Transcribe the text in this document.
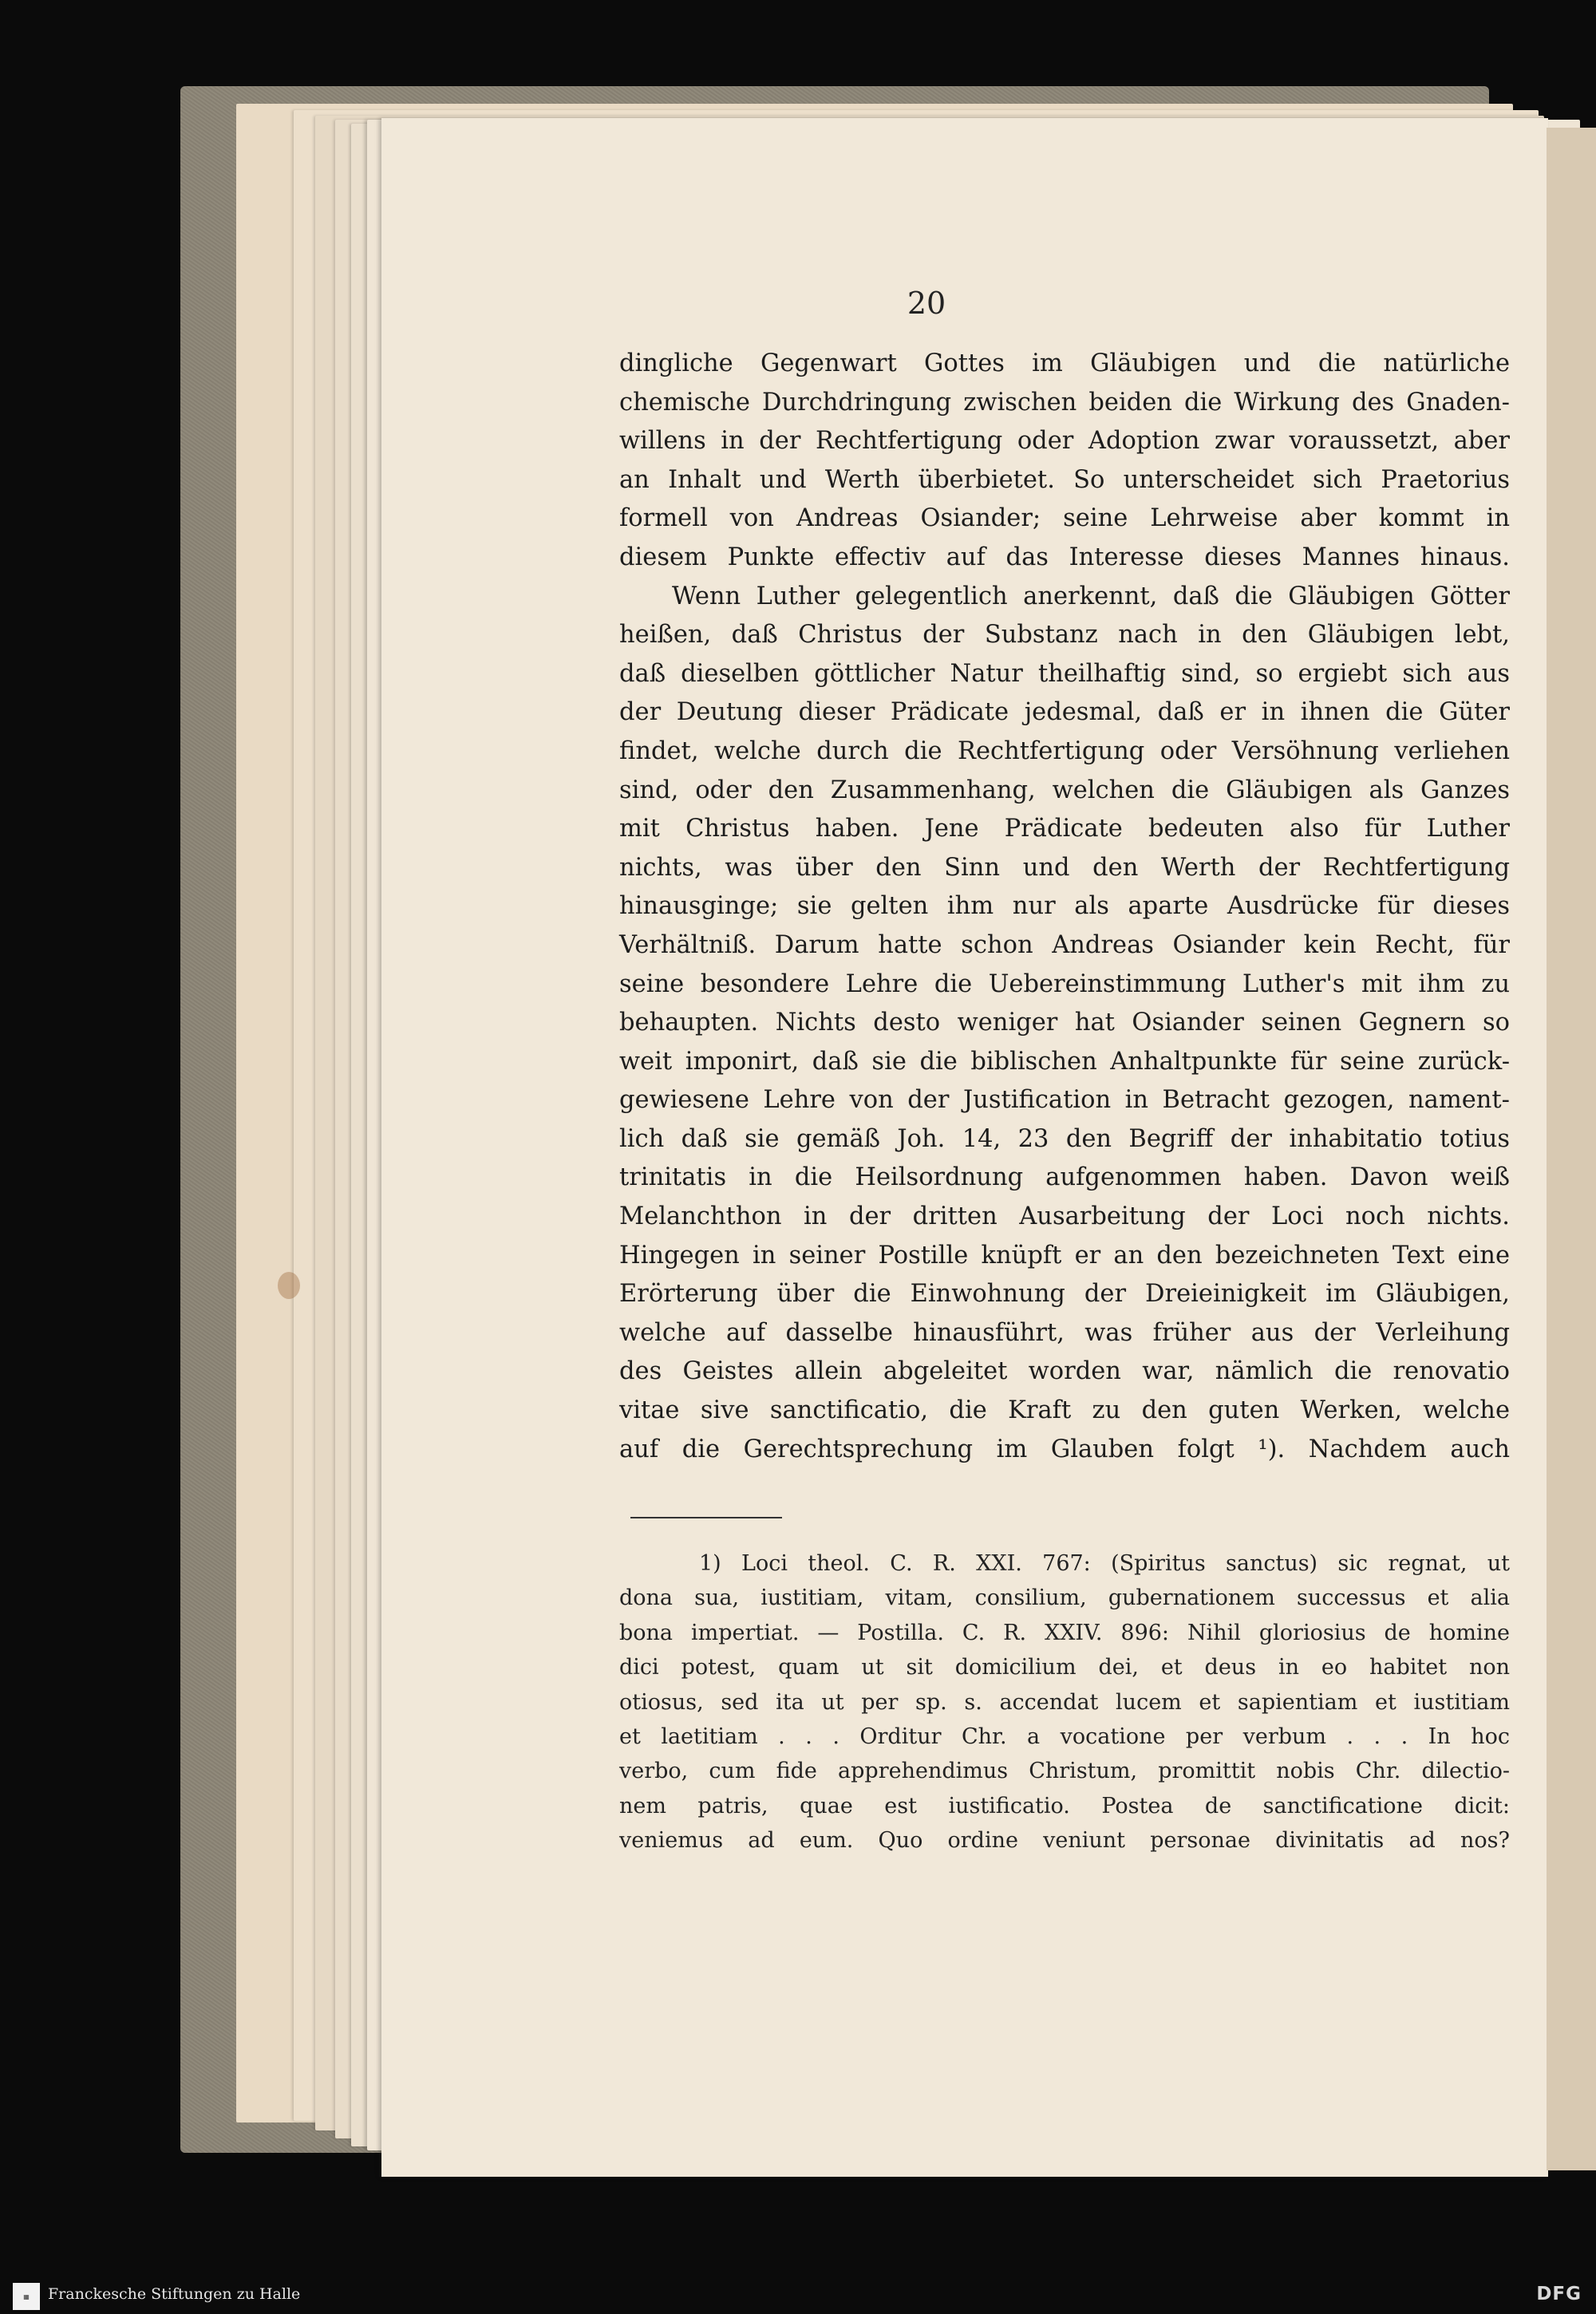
20
dingliche Gegenwart Gottes im Gläubigen und die natürliche
chemische Durchdringung zwischen beiden die Wirkung des Gnaden-
willens in der Rechtfertigung oder Adoption zwar voraussetzt, aber
an Inhalt und Werth überbietet. So unterscheidet sich Praetorius
formell von Andreas Osiander; seine Lehrweise aber kommt in
diesem Punkte effectiv auf das Interesse dieses Mannes hinaus.
Wenn Luther gelegentlich anerkennt, daß die Gläubigen Götter
heißen, daß Christus der Substanz nach in den Gläubigen lebt,
daß dieselben göttlicher Natur theilhaftig sind, so ergiebt sich aus
der Deutung dieser Prädicate jedesmal, daß er in ihnen die Güter
findet, welche durch die Rechtfertigung oder Versöhnung verliehen
sind, oder den Zusammenhang, welchen die Gläubigen als Ganzes
mit Christus haben. Jene Prädicate bedeuten also für Luther
nichts, was über den Sinn und den Werth der Rechtfertigung
hinausginge; sie gelten ihm nur als aparte Ausdrücke für dieses
Verhältniß. Darum hatte schon Andreas Osiander kein Recht, für
seine besondere Lehre die Uebereinstimmung Luther's mit ihm zu
behaupten. Nichts desto weniger hat Osiander seinen Gegnern so
weit imponirt, daß sie die biblischen Anhaltpunkte für seine zurück-
gewiesene Lehre von der Justification in Betracht gezogen, nament-
lich daß sie gemäß Joh. 14, 23 den Begriff der inhabitatio totius
trinitatis in die Heilsordnung aufgenommen haben. Davon weiß
Melanchthon in der dritten Ausarbeitung der Loci noch nichts.
Hingegen in seiner Postille knüpft er an den bezeichneten Text eine
Erörterung über die Einwohnung der Dreieinigkeit im Gläubigen,
welche auf dasselbe hinausführt, was früher aus der Verleihung
des Geistes allein abgeleitet worden war, nämlich die renovatio
vitae sive sanctificatio, die Kraft zu den guten Werken, welche
auf die Gerechtsprechung im Glauben folgt ¹). Nachdem auch
1) Loci theol. C. R. XXI. 767: (Spiritus sanctus) sic regnat, ut
dona sua, iustitiam, vitam, consilium, gubernationem successus et alia
bona impertiat. — Postilla. C. R. XXIV. 896: Nihil gloriosius de homine
dici potest, quam ut sit domicilium dei, et deus in eo habitet non
otiosus, sed ita ut per sp. s. accendat lucem et sapientiam et iustitiam
et laetitiam . . . Orditur Chr. a vocatione per verbum . . . In hoc
verbo, cum fide apprehendimus Christum, promittit nobis Chr. dilectio-
nem patris, quae est iustificatio. Postea de sanctificatione dicit:
veniemus ad eum. Quo ordine veniunt personae divinitatis ad nos?
▦ Franckesche Stiftungen zu Halle	DFG
